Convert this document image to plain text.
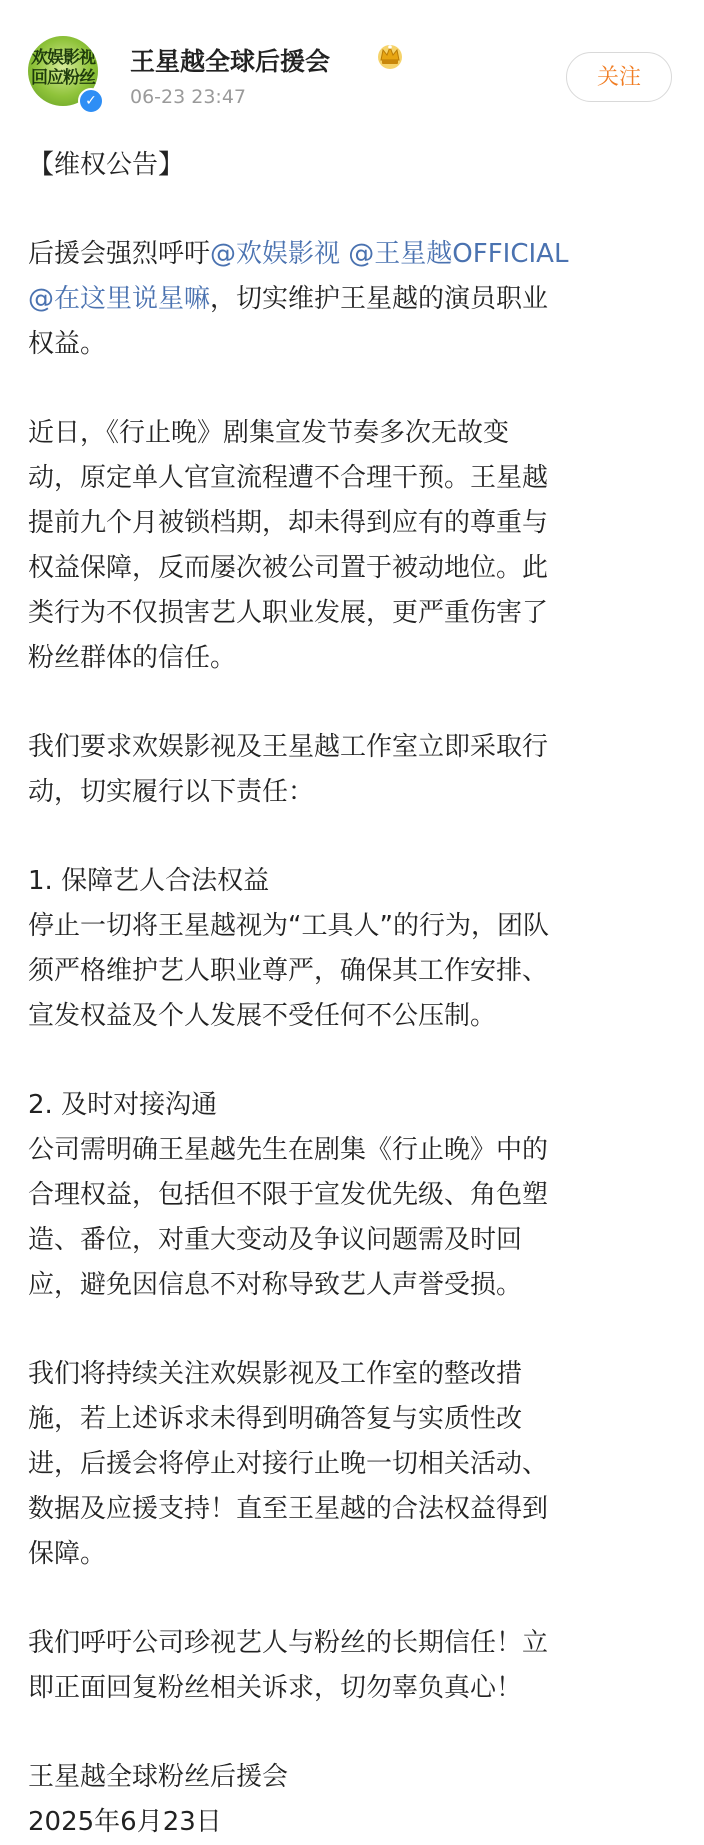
欢娱影视
回应粉丝
✓
王星越全球后援会
06-23 23:47
关注
【维权公告】
后援会强烈呼吁@欢娱影视 @王星越OFFICIAL
@在这里说星嘛，切实维护王星越的演员职业
权益。
近日，《行止晚》剧集宣发节奏多次无故变
动，原定单人官宣流程遭不合理干预。王星越
提前九个月被锁档期，却未得到应有的尊重与
权益保障，反而屡次被公司置于被动地位。此
类行为不仅损害艺人职业发展，更严重伤害了
粉丝群体的信任。
我们要求欢娱影视及王星越工作室立即采取行
动，切实履行以下责任：
1. 保障艺人合法权益
停止一切将王星越视为“工具人”的行为，团队
须严格维护艺人职业尊严，确保其工作安排、
宣发权益及个人发展不受任何不公压制。
2. 及时对接沟通
公司需明确王星越先生在剧集《行止晚》中的
合理权益，包括但不限于宣发优先级、角色塑
造、番位，对重大变动及争议问题需及时回
应，避免因信息不对称导致艺人声誉受损。
我们将持续关注欢娱影视及工作室的整改措
施，若上述诉求未得到明确答复与实质性改
进，后援会将停止对接行止晚一切相关活动、
数据及应援支持！直至王星越的合法权益得到
保障。
我们呼吁公司珍视艺人与粉丝的长期信任！立
即正面回复粉丝相关诉求，切勿辜负真心！
王星越全球粉丝后援会
2025年6月23日
